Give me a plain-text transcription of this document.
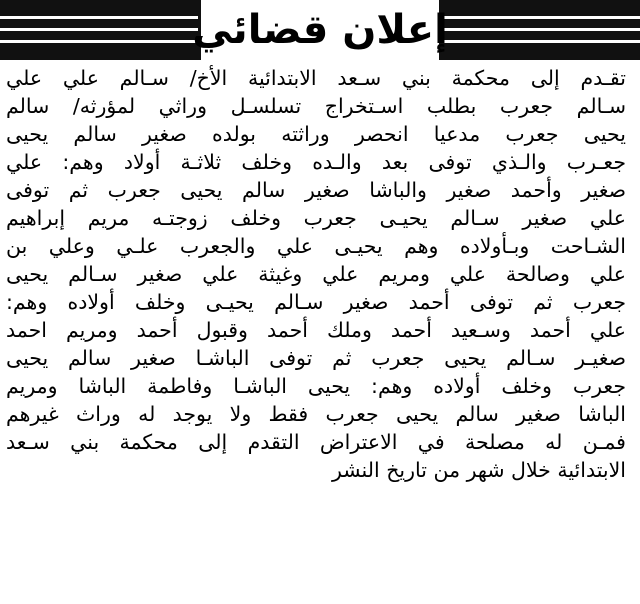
إعلان قضائي
تقـدم إلى محكمة بني سـعد الابتدائية الأخ/ سـالم علي علي
سـالم جعرب بطلب اسـتخراج تسلسـل وراثي لمؤرثه/ سالم
يحيى جعرب مدعيا انحصر وراثته بولده صغير سالم يحيى
جعـرب والـذي توفى بعد والـده وخلف ثلاثـة أولاد وهم: علي
صغير وأحمد صغير والباشا صغير سالم يحيى جعرب ثم توفى
علي صغير سـالم يحيـى جعرب وخلف زوجتـه مريم إبراهيم
الشـاحت وبـأولاده وهم يحيـى علي والجعرب علـي وعلي بن
علي وصالحة علي ومريم علي وغيثة علي صغير سـالم يحيى
جعرب ثم توفى أحمد صغير سـالم يحيـى وخلف أولاده وهم:
علي أحمد وسـعيد أحمد وملك أحمد وقبول أحمد ومريم احمد
صغيـر سـالم يحيى جعرب ثم توفى الباشـا صغير سالم يحيى
جعرب وخلف أولاده وهم: يحيى الباشـا وفاطمة الباشا ومريم
الباشا صغير سالم يحيى جعرب فقط ولا يوجد له وراث غيرهم
فمـن له مصلحة في الاعتراض التقدم إلى محكمة بني سـعد
الابتدائية خلال شهر من تاريخ النشر
